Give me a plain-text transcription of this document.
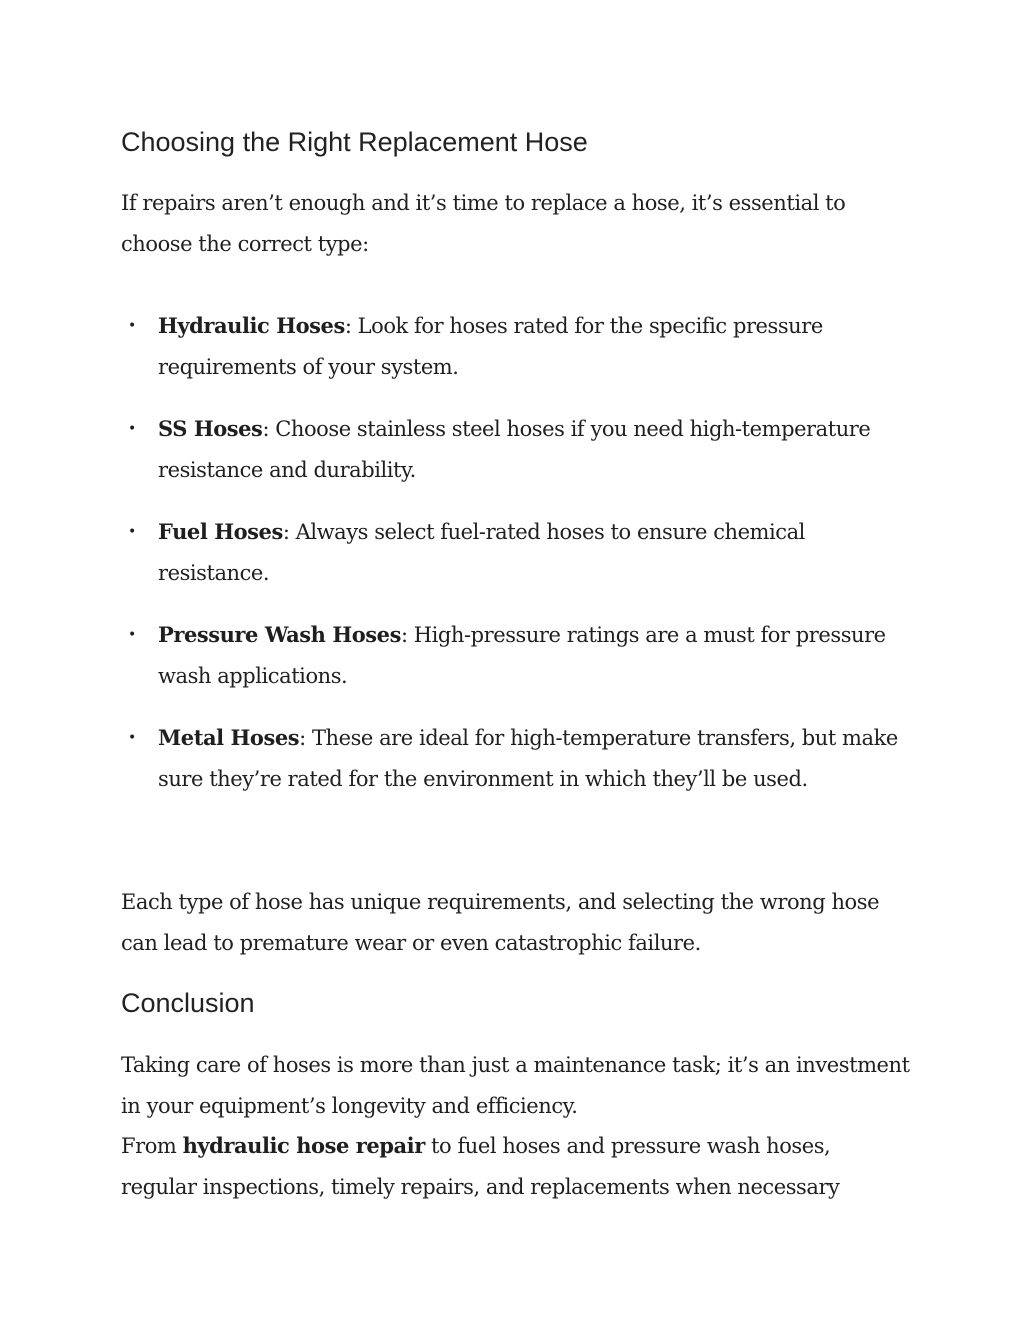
Choosing the Right Replacement Hose

If repairs aren’t enough and it’s time to replace a hose, it’s essential to choose the correct type:

• Hydraulic Hoses: Look for hoses rated for the specific pressure requirements of your system.
• SS Hoses: Choose stainless steel hoses if you need high-temperature resistance and durability.
• Fuel Hoses: Always select fuel-rated hoses to ensure chemical resistance.
• Pressure Wash Hoses: High-pressure ratings are a must for pressure wash applications.
• Metal Hoses: These are ideal for high-temperature transfers, but make sure they’re rated for the environment in which they’ll be used.

Each type of hose has unique requirements, and selecting the wrong hose can lead to premature wear or even catastrophic failure.

Conclusion

Taking care of hoses is more than just a maintenance task; it’s an investment in your equipment’s longevity and efficiency.
From hydraulic hose repair to fuel hoses and pressure wash hoses, regular inspections, timely repairs, and replacements when necessary
